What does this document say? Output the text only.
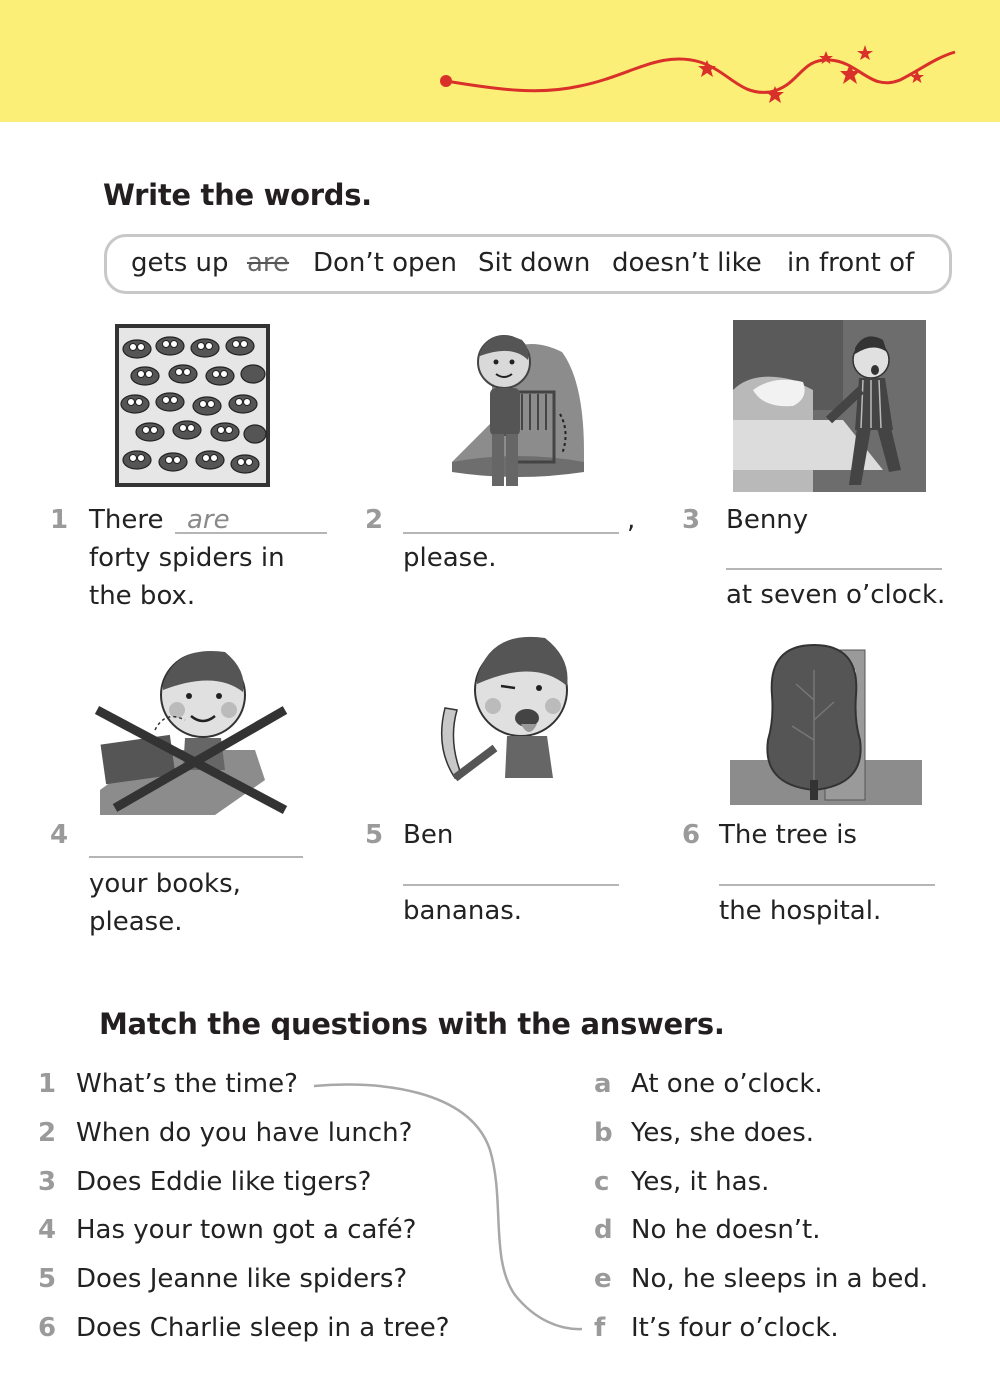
Write the words.
gets up are Don’t open Sit down doesn’t like in front of
1 There are
forty spiders in
the box.
2	,
please.
3 Benny
at seven o’clock.
4
your books,
please.
5 Ben
bananas.
6 The tree is
the hospital.
Match the questions with the answers.
1 What’s the time?
2 When do you have lunch?
3 Does Eddie like tigers?
4 Has your town got a café?
5 Does Jeanne like spiders?
6 Does Charlie sleep in a tree?
a At one o’clock.
b Yes, she does.
c Yes, it has.
d No he doesn’t.
e No, he sleeps in a bed.
f It’s four o’clock.
